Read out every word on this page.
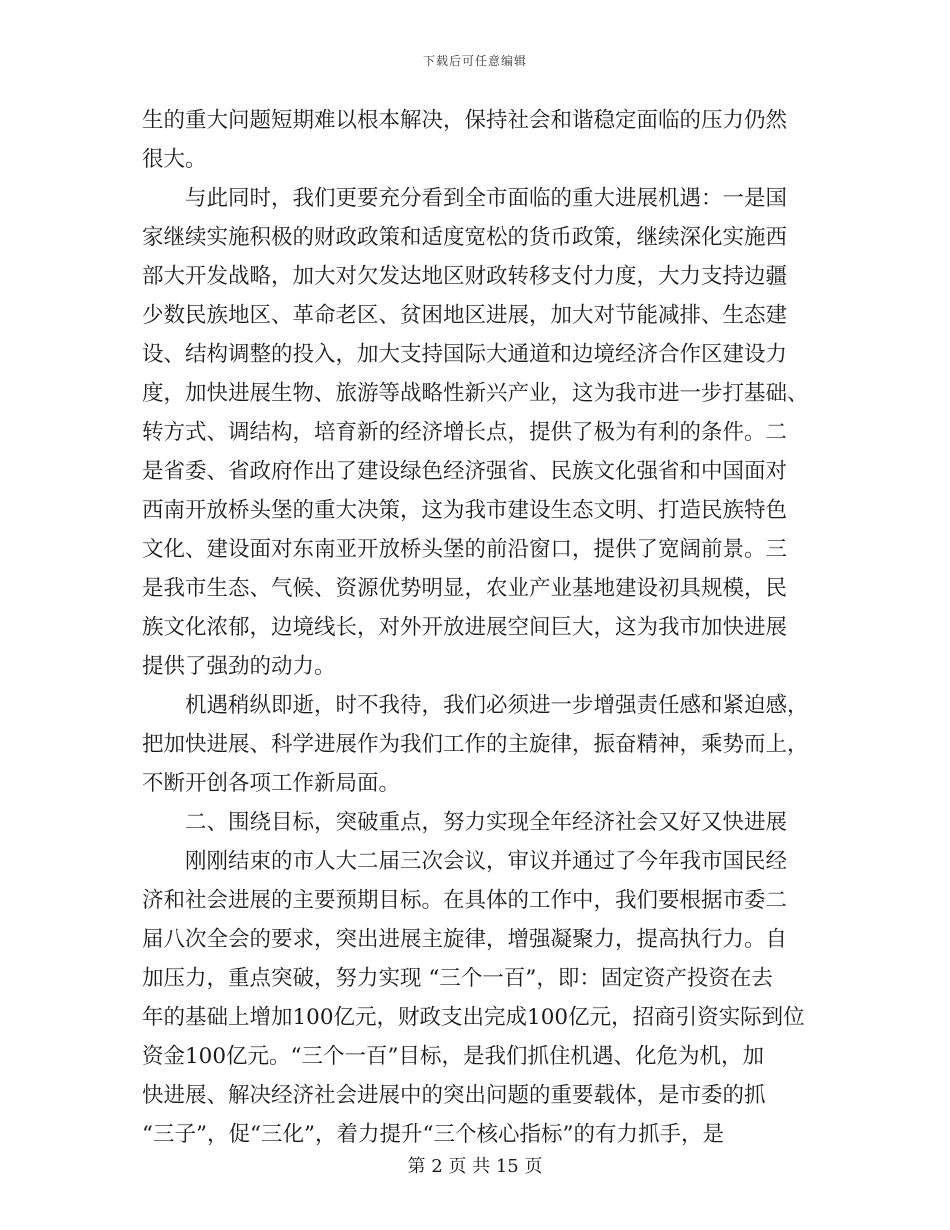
下载后可任意编辑
生的重大问题短期难以根本解决，保持社会和谐稳定面临的压力仍然
很大。
　　与此同时，我们更要充分看到全市面临的重大进展机遇：一是国
家继续实施积极的财政政策和适度宽松的货币政策，继续深化实施西
部大开发战略，加大对欠发达地区财政转移支付力度，大力支持边疆
少数民族地区、革命老区、贫困地区进展，加大对节能减排、生态建
设、结构调整的投入，加大支持国际大通道和边境经济合作区建设力
度，加快进展生物、旅游等战略性新兴产业，这为我市进一步打基础、
转方式、调结构，培育新的经济增长点，提供了极为有利的条件。二
是省委、省政府作出了建设绿色经济强省、民族文化强省和中国面对
西南开放桥头堡的重大决策，这为我市建设生态文明、打造民族特色
文化、建设面对东南亚开放桥头堡的前沿窗口，提供了宽阔前景。三
是我市生态、气候、资源优势明显，农业产业基地建设初具规模，民
族文化浓郁，边境线长，对外开放进展空间巨大，这为我市加快进展
提供了强劲的动力。
　　机遇稍纵即逝，时不我待，我们必须进一步增强责任感和紧迫感，
把加快进展、科学进展作为我们工作的主旋律，振奋精神，乘势而上，
不断开创各项工作新局面。
　　二、围绕目标，突破重点，努力实现全年经济社会又好又快进展
　　刚刚结束的市人大二届三次会议，审议并通过了今年我市国民经
济和社会进展的主要预期目标。在具体的工作中，我们要根据市委二
届八次全会的要求，突出进展主旋律，增强凝聚力，提高执行力。自
加压力，重点突破，努力实现 “三个一百”，即：固定资产投资在去
年的基础上增加100亿元，财政支出完成100亿元，招商引资实际到位
资金100亿元。“三个一百”目标，是我们抓住机遇、化危为机，加
快进展、解决经济社会进展中的突出问题的重要载体，是市委的抓
“三子”，促“三化”，着力提升“三个核心指标”的有力抓手，是
第 2 页 共 15 页
